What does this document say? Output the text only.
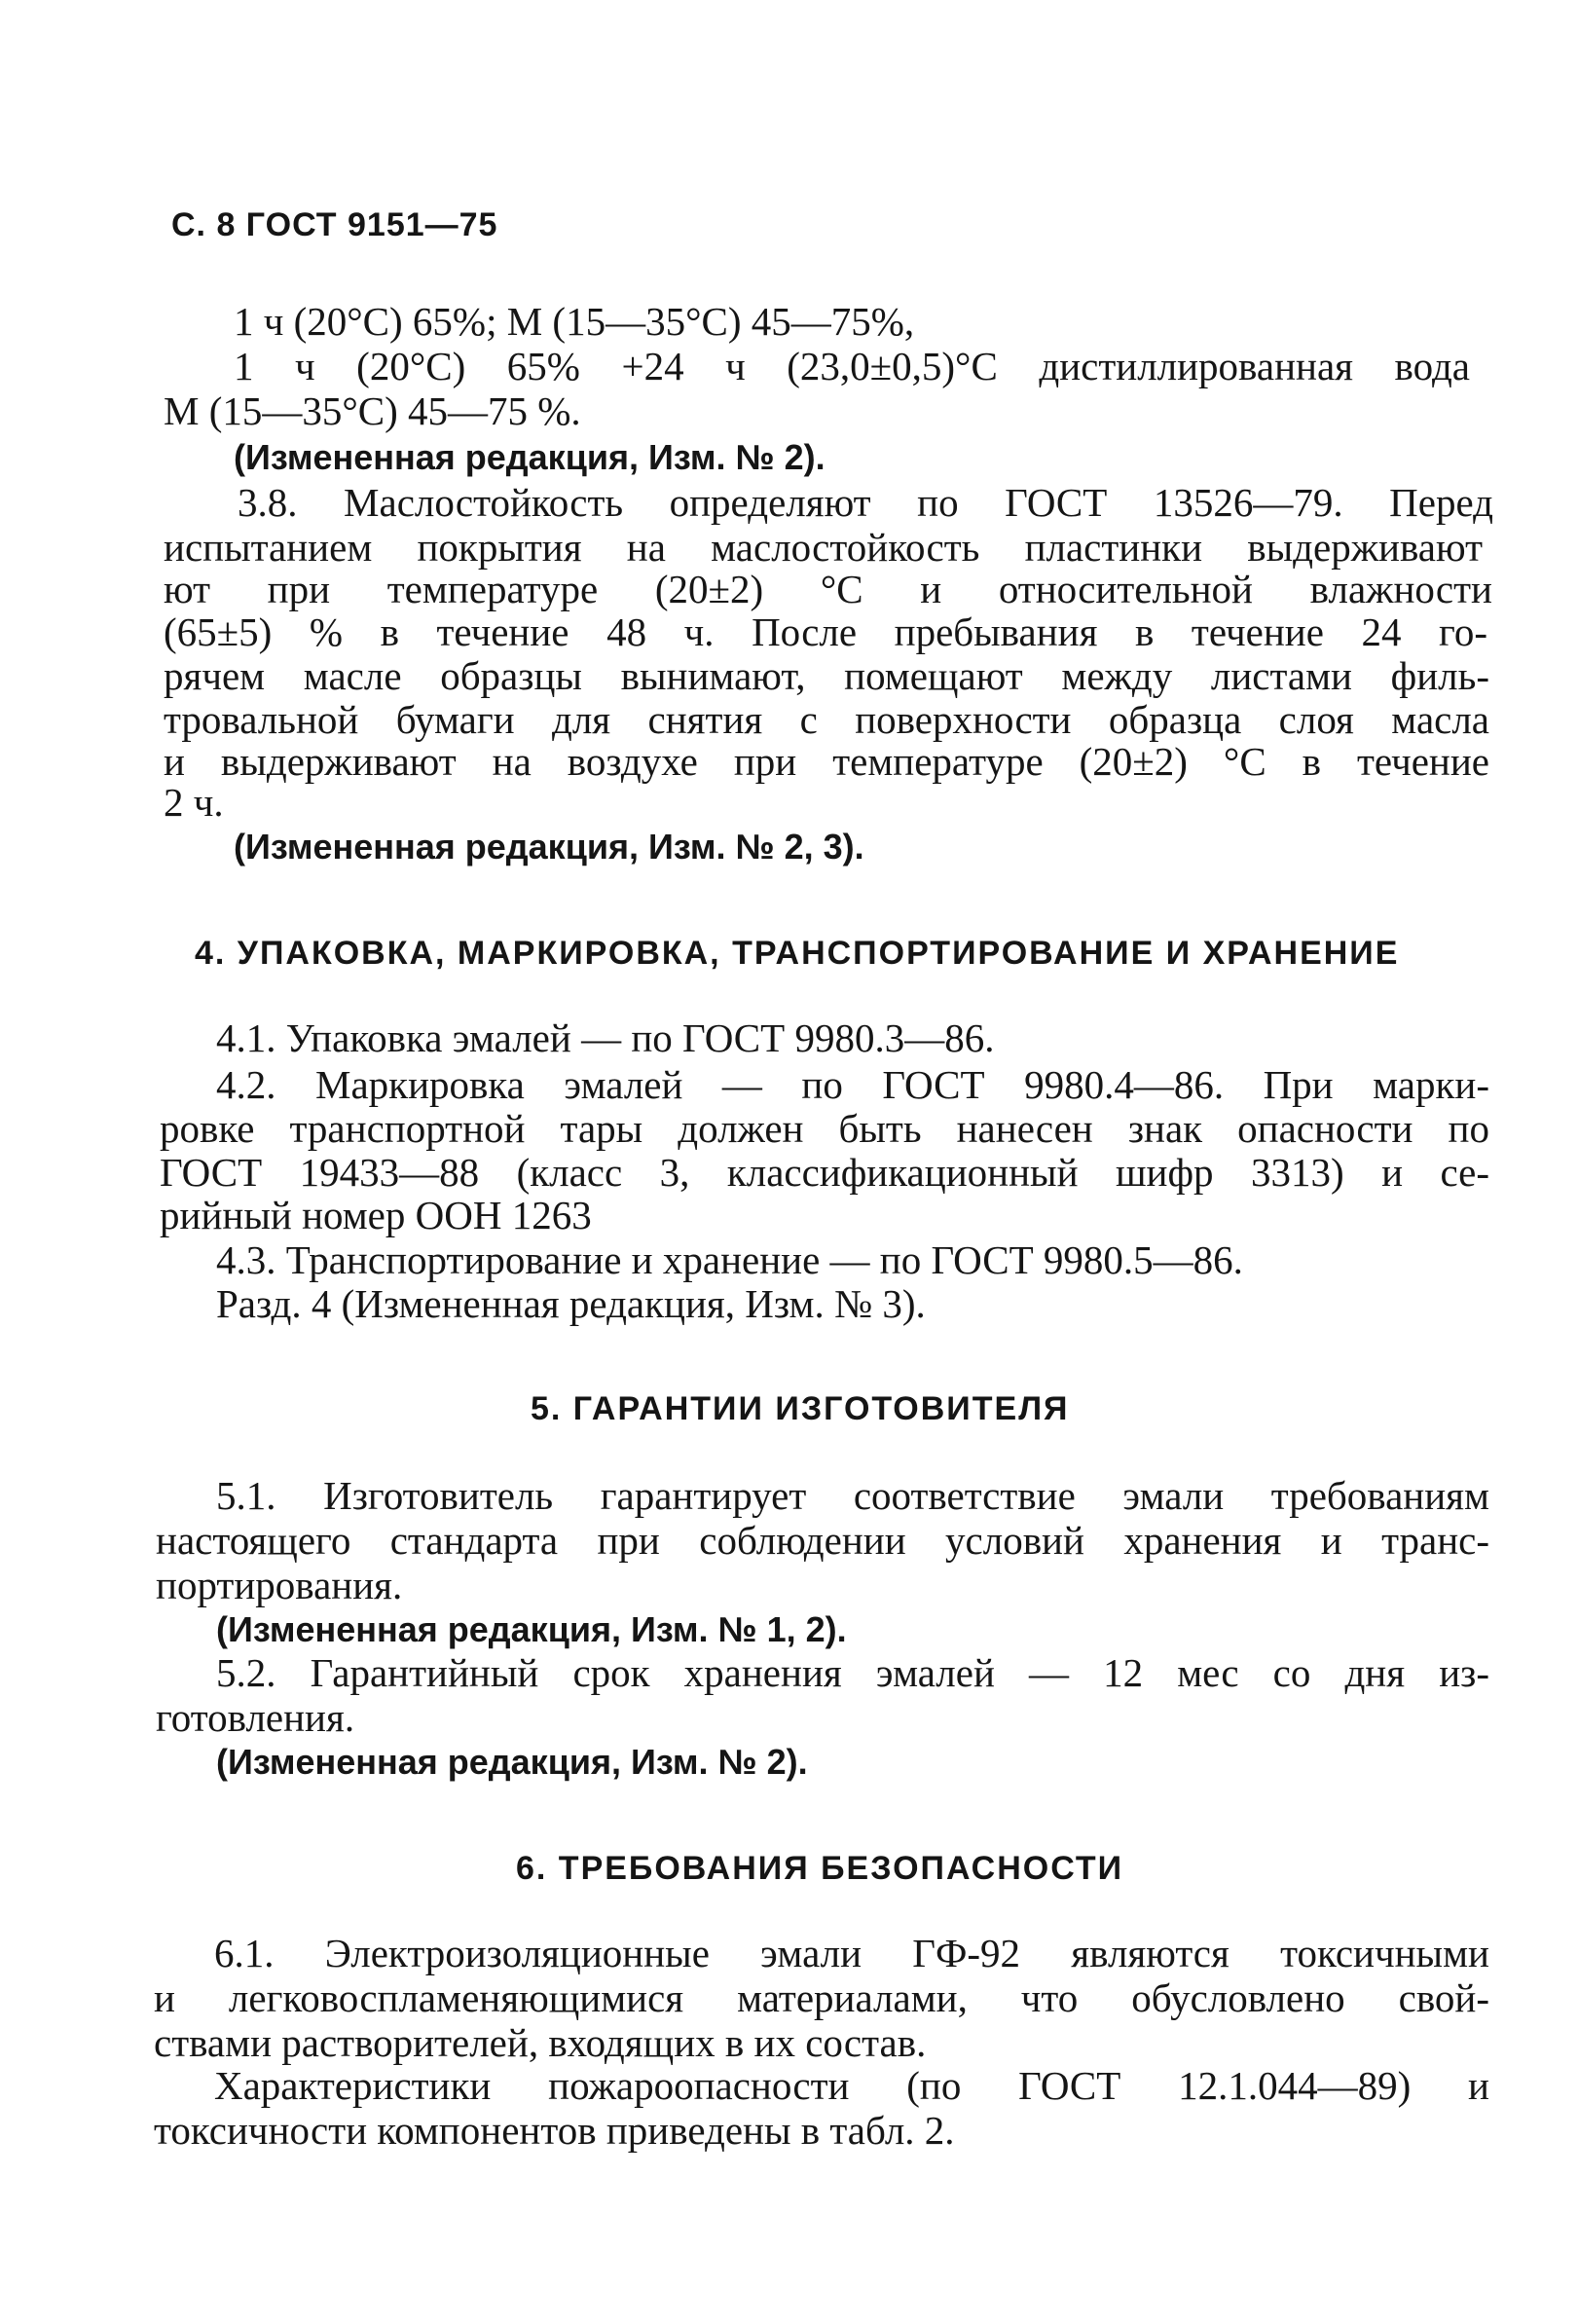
С. 8 ГОСТ 9151—75
1 ч (20°С) 65%; М (15—35°С) 45—75%,
1 ч (20°С) 65% +24 ч (23,0±0,5)°С дистиллированная вода
М (15—35°С) 45—75 %.
(Измененная редакция, Изм. № 2).
3.8. Маслостойкость определяют по ГОСТ 13526—79. Перед
испытанием покрытия на маслостойкость пластинки выдерживают
ют при температуре (20±2) °С и относительной влажности
(65±5) % в течение 48 ч. После пребывания в течение 24 го-
рячем масле образцы вынимают, помещают между листами филь-
тровальной бумаги для снятия с поверхности образца слоя масла
и выдерживают на воздухе при температуре (20±2) °С в течение
2 ч.
(Измененная редакция, Изм. № 2, 3).
4. УПАКОВКА, МАРКИРОВКА, ТРАНСПОРТИРОВАНИЕ И ХРАНЕНИЕ
4.1. Упаковка эмалей — по ГОСТ 9980.3—86.
4.2. Маркировка эмалей — по ГОСТ 9980.4—86. При марки-
ровке транспортной тары должен быть нанесен знак опасности по
ГОСТ 19433—88 (класс 3, классификационный шифр 3313) и се-
рийный номер ООН 1263
4.3. Транспортирование и хранение — по ГОСТ 9980.5—86.
Разд. 4 (Измененная редакция, Изм. № 3).
5. ГАРАНТИИ ИЗГОТОВИТЕЛЯ
5.1. Изготовитель гарантирует соответствие эмали требованиям
настоящего стандарта при соблюдении условий хранения и транс-
портирования.
(Измененная редакция, Изм. № 1, 2).
5.2. Гарантийный срок хранения эмалей — 12 мес со дня из-
готовления.
(Измененная редакция, Изм. № 2).
6. ТРЕБОВАНИЯ БЕЗОПАСНОСТИ
6.1. Электроизоляционные эмали ГФ-92 являются токсичными
и легковоспламеняющимися материалами, что обусловлено свой-
ствами растворителей, входящих в их состав.
Характеристики пожароопасности (по ГОСТ 12.1.044—89) и
токсичности компонентов приведены в табл. 2.
